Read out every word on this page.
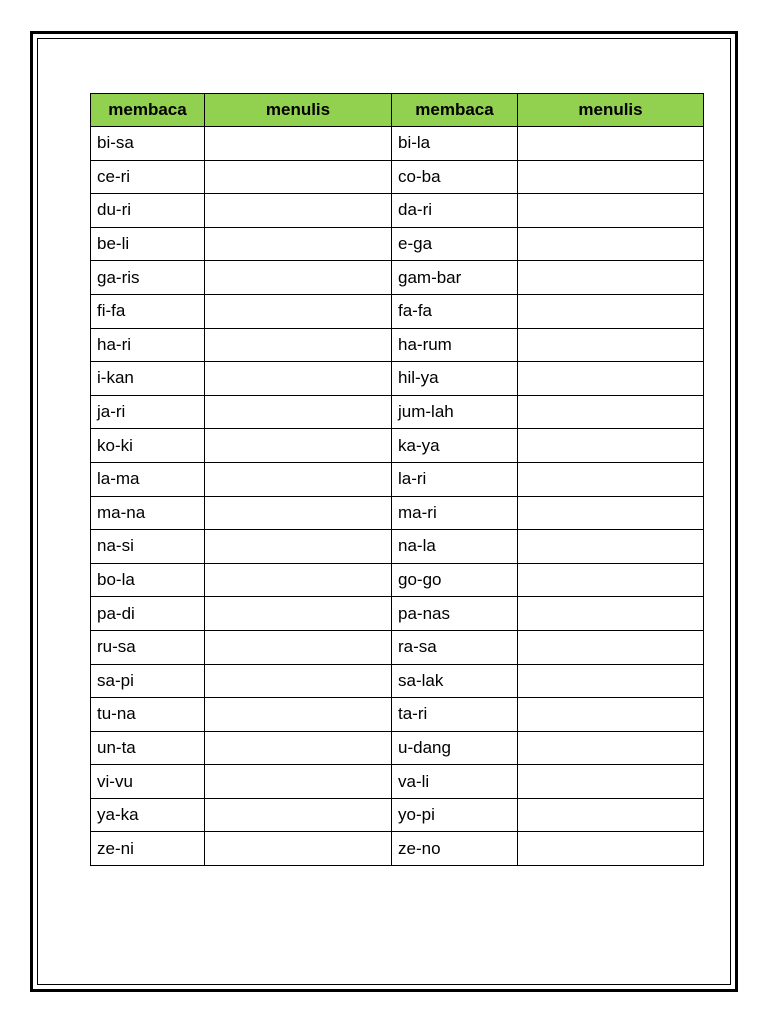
membaca	menulis	membaca	menulis
bi-sa		bi-la	
ce-ri		co-ba	
du-ri		da-ri	
be-li		e-ga	
ga-ris		gam-bar	
fi-fa		fa-fa	
ha-ri		ha-rum	
i-kan		hil-ya	
ja-ri		jum-lah	
ko-ki		ka-ya	
la-ma		la-ri	
ma-na		ma-ri	
na-si		na-la	
bo-la		go-go	
pa-di		pa-nas	
ru-sa		ra-sa	
sa-pi		sa-lak	
tu-na		ta-ri	
un-ta		u-dang	
vi-vu		va-li	
ya-ka		yo-pi	
ze-ni		ze-no	
